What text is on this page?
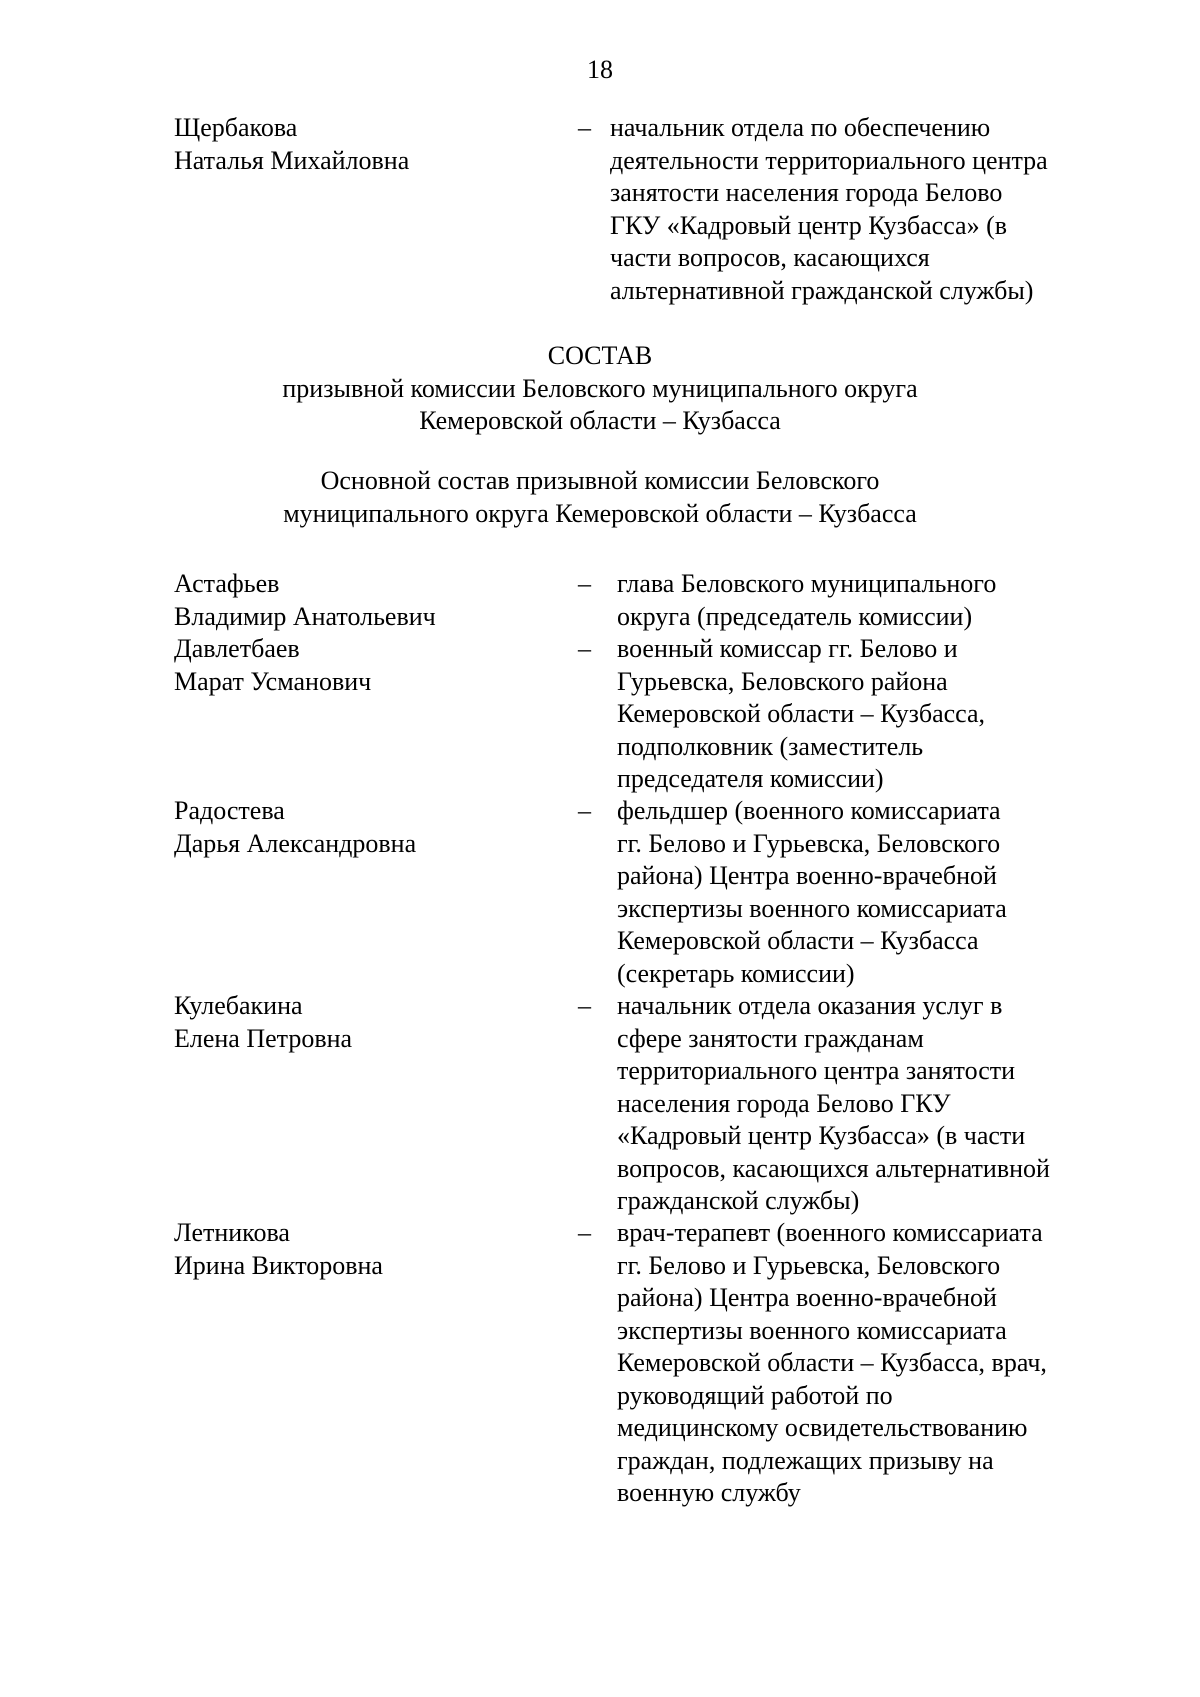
18
Щербакова
Наталья Михайловна
– начальник отдела по обеспечению
деятельности территориального центра
занятости населения города Белово
ГКУ «Кадровый центр Кузбасса» (в
части вопросов, касающихся
альтернативной гражданской службы)
СОСТАВ
призывной комиссии Беловского муниципального округа
Кемеровской области – Кузбасса
Основной состав призывной комиссии Беловского
муниципального округа Кемеровской области – Кузбасса
Астафьев
Владимир Анатольевич
– глава Беловского муниципального
округа (председатель комиссии)
Давлетбаев
Марат Усманович
– военный комиссар гг. Белово и
Гурьевска, Беловского района
Кемеровской области – Кузбасса,
подполковник (заместитель
председателя комиссии)
Радостева
Дарья Александровна
– фельдшер (военного комиссариата
гг. Белово и Гурьевска, Беловского
района) Центра военно-врачебной
экспертизы военного комиссариата
Кемеровской области – Кузбасса
(секретарь комиссии)
Кулебакина
Елена Петровна
– начальник отдела оказания услуг в
сфере занятости гражданам
территориального центра занятости
населения города Белово ГКУ
«Кадровый центр Кузбасса» (в части
вопросов, касающихся альтернативной
гражданской службы)
Летникова
Ирина Викторовна
– врач-терапевт (военного комиссариата
гг. Белово и Гурьевска, Беловского
района) Центра военно-врачебной
экспертизы военного комиссариата
Кемеровской области – Кузбасса, врач,
руководящий работой по
медицинскому освидетельствованию
граждан, подлежащих призыву на
военную службу
